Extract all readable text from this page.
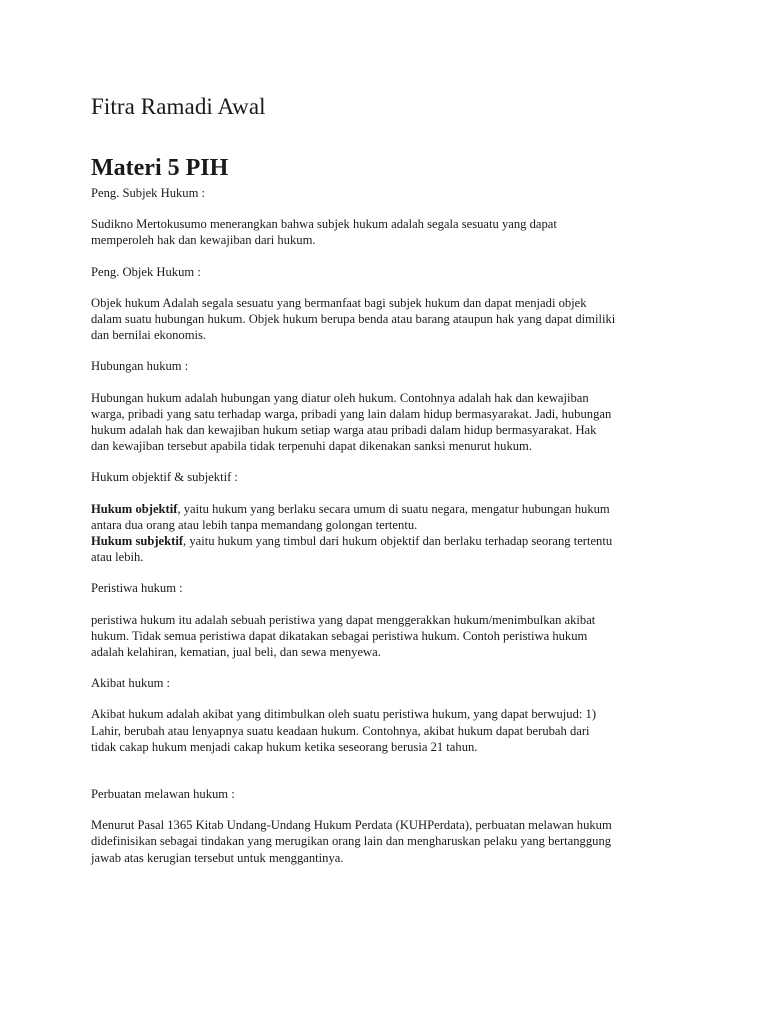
Fitra Ramadi Awal
Materi 5 PIH

Peng. Subjek Hukum :

Sudikno Mertokusumo menerangkan bahwa subjek hukum adalah segala sesuatu yang dapat
memperoleh hak dan kewajiban dari hukum.

Peng. Objek Hukum :

Objek hukum Adalah segala sesuatu yang bermanfaat bagi subjek hukum dan dapat menjadi objek
dalam suatu hubungan hukum. Objek hukum berupa benda atau barang ataupun hak yang dapat dimiliki
dan bernilai ekonomis.

Hubungan hukum :

Hubungan hukum adalah hubungan yang diatur oleh hukum. Contohnya adalah hak dan kewajiban
warga, pribadi yang satu terhadap warga, pribadi yang lain dalam hidup bermasyarakat. Jadi, hubungan
hukum adalah hak dan kewajiban hukum setiap warga atau pribadi dalam hidup bermasyarakat. Hak
dan kewajiban tersebut apabila tidak terpenuhi dapat dikenakan sanksi menurut hukum.

Hukum objektif & subjektif :

Hukum objektif, yaitu hukum yang berlaku secara umum di suatu negara, mengatur hubungan hukum
antara dua orang atau lebih tanpa memandang golongan tertentu.

Hukum subjektif, yaitu hukum yang timbul dari hukum objektif dan berlaku terhadap seorang tertentu
atau lebih.

Peristiwa hukum :

peristiwa hukum itu adalah sebuah peristiwa yang dapat menggerakkan hukum/menimbulkan akibat
hukum. Tidak semua peristiwa dapat dikatakan sebagai peristiwa hukum. Contoh peristiwa hukum
adalah kelahiran, kematian, jual beli, dan sewa menyewa.

Akibat hukum :

Akibat hukum adalah akibat yang ditimbulkan oleh suatu peristiwa hukum, yang dapat berwujud: 1)
Lahir, berubah atau lenyapnya suatu keadaan hukum. Contohnya, akibat hukum dapat berubah dari
tidak cakap hukum menjadi cakap hukum ketika seseorang berusia 21 tahun.

Perbuatan melawan hukum :

Menurut Pasal 1365 Kitab Undang-Undang Hukum Perdata (KUHPerdata), perbuatan melawan hukum
didefinisikan sebagai tindakan yang merugikan orang lain dan mengharuskan pelaku yang bertanggung
jawab atas kerugian tersebut untuk menggantinya.
